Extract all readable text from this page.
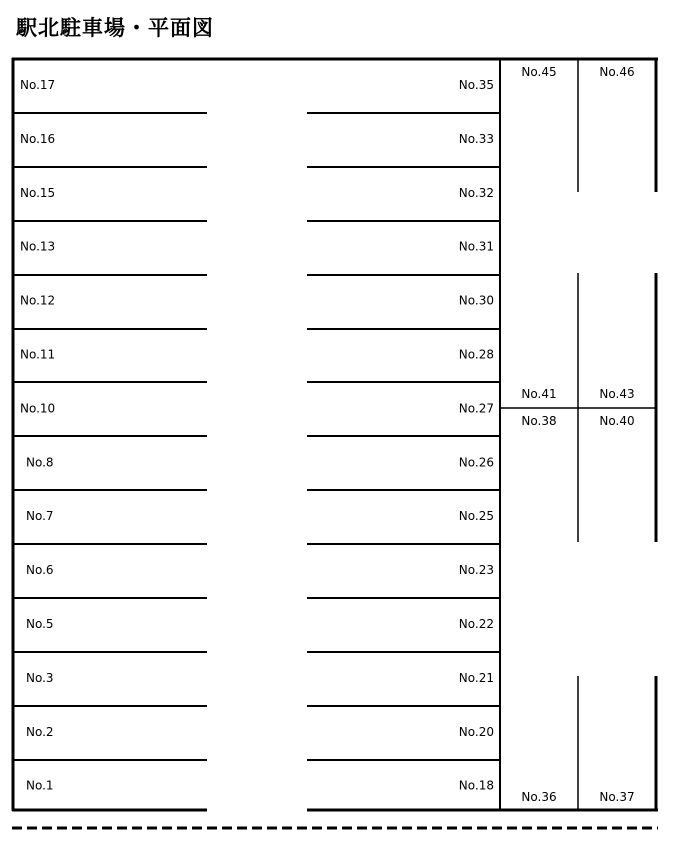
駅北駐車場・平面図
No.17
No.16
No.15
No.13
No.12
No.11
No.10
No.8
No.7
No.6
No.5
No.3
No.2
No.1
No.35
No.33
No.32
No.31
No.30
No.28
No.27
No.26
No.25
No.23
No.22
No.21
No.20
No.18
No.45	No.46
No.41	No.43
No.38	No.40
No.36	No.37
